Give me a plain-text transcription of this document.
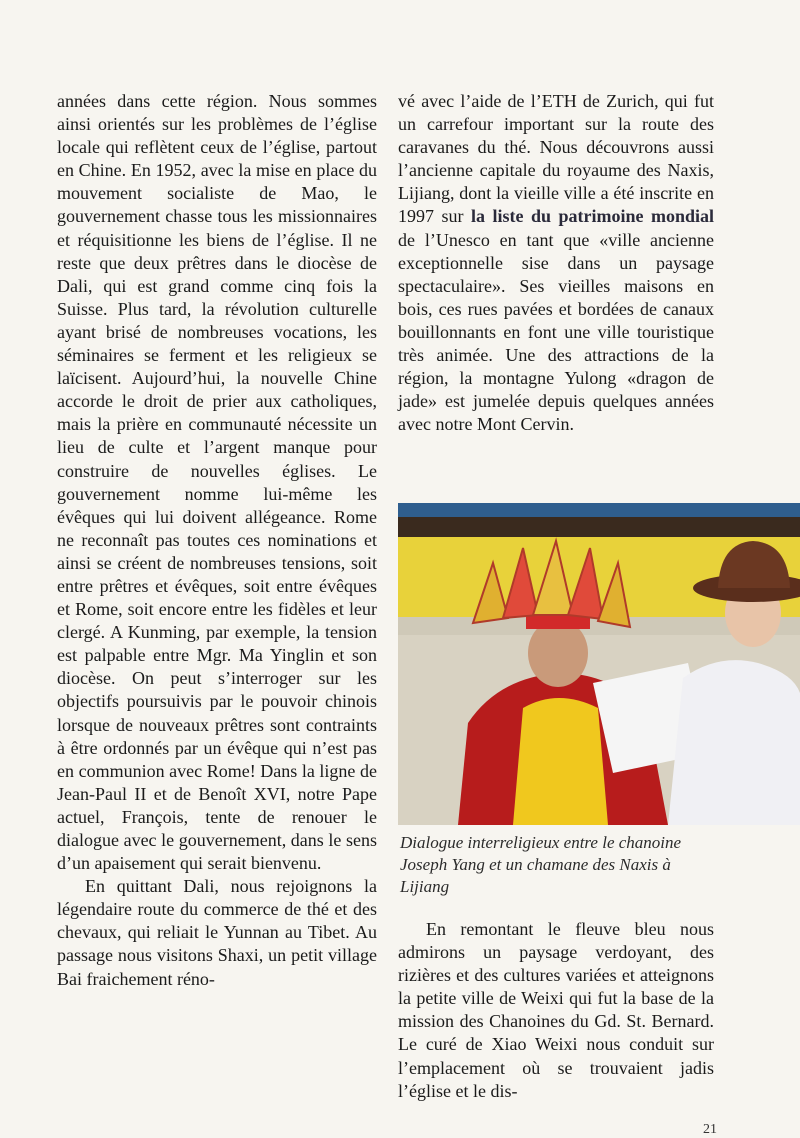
années dans cette région. Nous sommes ainsi orientés sur les problèmes de l’église locale qui reflètent ceux de l’église, partout en Chine. En 1952, avec la mise en place du mouvement socialiste de Mao, le gouvernement chasse tous les missionnaires et réquisitionne les biens de l’église. Il ne reste que deux prêtres dans le diocèse de Dali, qui est grand comme cinq fois la Suisse. Plus tard, la révolution culturelle ayant brisé de nombreuses vocations, les séminaires se ferment et les religieux se laïcisent. Aujourd’hui, la nouvelle Chine accorde le droit de prier aux catholiques, mais la prière en communauté nécessite un lieu de culte et l’argent manque pour construire de nouvelles églises. Le gouvernement nomme lui-même les évêques qui lui doivent allégeance. Rome ne reconnaît pas toutes ces nominations et ainsi se créent de nombreuses tensions, soit entre prêtres et évêques, soit entre évêques et Rome, soit encore entre les fidèles et leur clergé. A Kunming, par exemple, la tension est palpable entre Mgr. Ma Yinglin et son diocèse. On peut s’interroger sur les objectifs poursuivis par le pouvoir chinois lorsque de nouveaux prêtres sont contraints à être ordonnés par un évêque qui n’est pas en communion avec Rome! Dans la ligne de Jean-Paul II et de Benoît XVI, notre Pape actuel, François, tente de renouer le dialogue avec le gouvernement, dans le sens d’un apaisement qui serait bienvenu.

En quittant Dali, nous rejoignons la légendaire route du commerce de thé et des chevaux, qui reliait le Yunnan au Tibet. Au passage nous visitons Shaxi, un petit village Bai fraichement réno-

vé avec l’aide de l’ETH de Zurich, qui fut un carrefour important sur la route des caravanes du thé. Nous découvrons aussi l’ancienne capitale du royaume des Naxis, Lijiang, dont la vieille ville a été inscrite en 1997 sur la liste du patrimoine mondial de l’Unesco en tant que «ville ancienne exceptionnelle sise dans un paysage spectaculaire». Ses vieilles maisons en bois, ces rues pavées et bordées de canaux bouillonnants en font une ville touristique très animée. Une des attractions de la région, la montagne Yulong «dragon de jade» est jumelée depuis quelques années avec notre Mont Cervin.

Dialogue interreligieux entre le chanoine Joseph Yang et un chamane des Naxis à Lijiang

En remontant le fleuve bleu nous admirons un paysage verdoyant, des rizières et des cultures variées et atteignons la petite ville de Weixi qui fut la base de la mission des Chanoines du Gd. St. Bernard. Le curé de Xiao Weixi nous conduit sur l’emplacement où se trouvaient jadis l’église et le dis-

21
